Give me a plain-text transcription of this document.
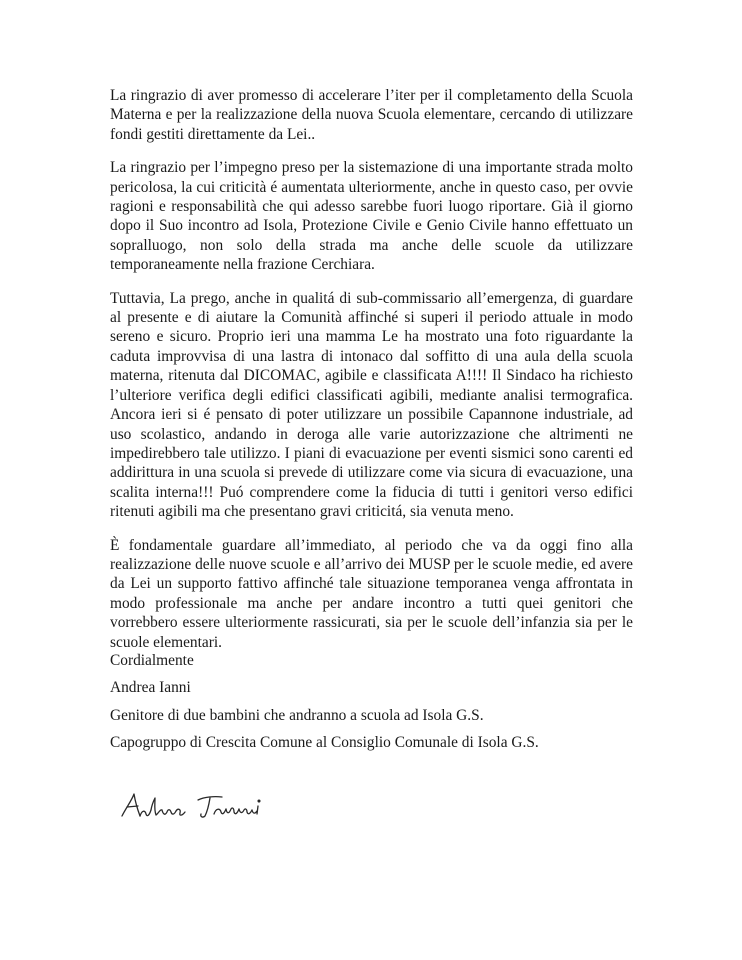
La ringrazio di aver promesso di accelerare l’iter per il completamento della Scuola Materna e per la realizzazione della nuova Scuola elementare, cercando di utilizzare fondi gestiti direttamente da Lei..

La ringrazio per l’impegno preso per la sistemazione di una importante strada molto pericolosa, la cui criticità é aumentata ulteriormente, anche in questo caso, per ovvie ragioni e responsabilità che qui adesso sarebbe fuori luogo riportare. Già il giorno dopo il Suo incontro ad Isola, Protezione Civile e Genio Civile hanno effettuato un sopralluogo, non solo della strada ma anche delle scuole da utilizzare temporaneamente nella frazione Cerchiara.

Tuttavia, La prego, anche in qualitá di sub-commissario all’emergenza, di guardare al presente e di aiutare la Comunità affinché si superi il periodo attuale in modo sereno e sicuro. Proprio ieri una mamma Le ha mostrato una foto riguardante la caduta improvvisa di una lastra di intonaco dal soffitto di una aula della scuola materna, ritenuta dal DICOMAC, agibile e classificata A!!!! Il Sindaco ha richiesto l’ulteriore verifica degli edifici classificati agibili, mediante analisi termografica. Ancora ieri si é pensato di poter utilizzare un possibile Capannone industriale, ad uso scolastico, andando in deroga alle varie autorizzazione che altrimenti ne impedirebbero tale utilizzo. I piani di evacuazione per eventi sismici sono carenti ed addirittura in una scuola si prevede di utilizzare come via sicura di evacuazione, una scalita interna!!! Puó comprendere come la fiducia di tutti i genitori verso edifici ritenuti agibili ma che presentano gravi criticitá, sia venuta meno.

È fondamentale guardare all’immediato, al periodo che va da oggi fino alla realizzazione delle nuove scuole e all’arrivo dei MUSP per le scuole medie, ed avere da Lei un supporto fattivo affinché tale situazione temporanea venga affrontata in modo professionale ma anche per andare incontro a tutti quei genitori che vorrebbero essere ulteriormente rassicurati, sia per le scuole dell’infanzia sia per le scuole elementari.

Cordialmente
Andrea Ianni
Genitore di due bambini che andranno a scuola ad Isola G.S.
Capogruppo di Crescita Comune al Consiglio Comunale di Isola G.S.
